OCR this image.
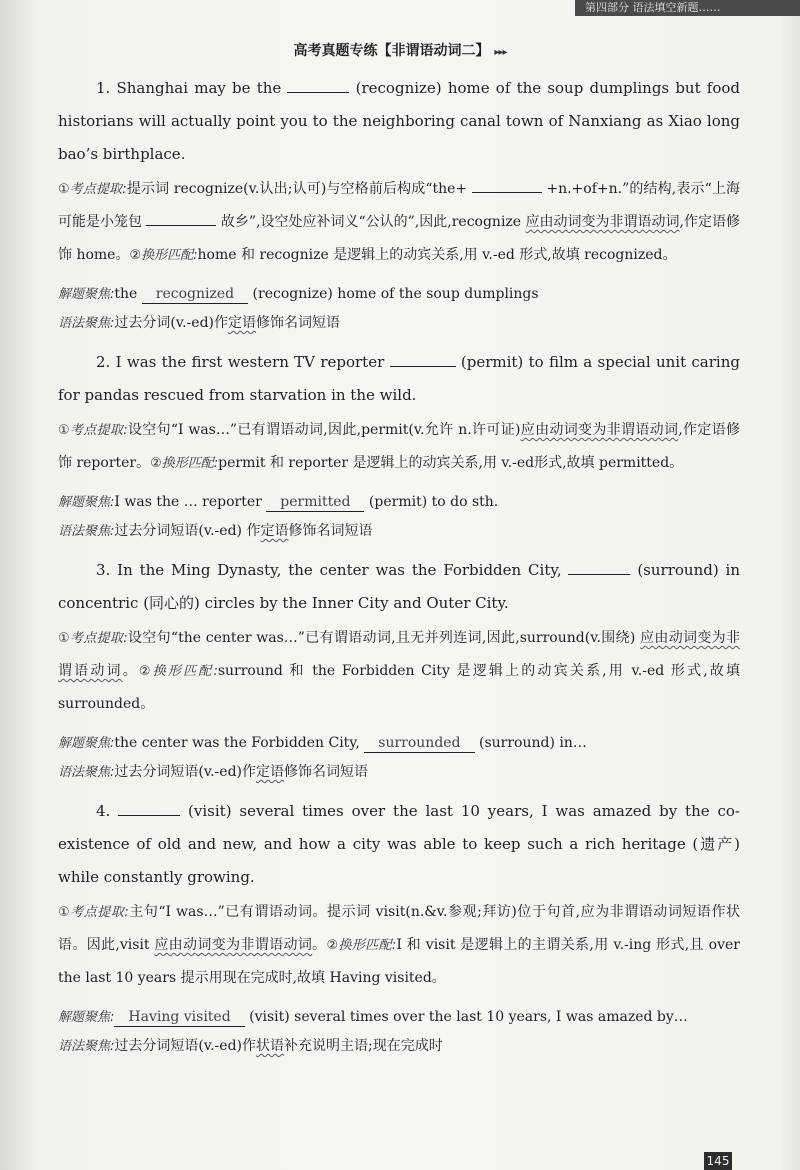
第四部分 语法填空新题……
高考真题专练【非谓语动词二】 ▸▸▸

1. Shanghai may be the	(recognize) home of the soup dumplings but food historians will actually point you to the neighboring canal town of Nanxiang as Xiao long bao’s birthplace.

①考点提取:提示词 recognize(v.认出;认可)与空格前后构成“the+	+n.+of+n.”的结构,表示“上海可能是小笼包	故乡”,设空处应补词义“公认的”,因此,recognize 应由动词变为非谓语动词,作定语修饰 home。②换形匹配:home 和 recognize 是逻辑上的动宾关系,用 v.-ed 形式,故填 recognized。

解题聚焦:the recognized (recognize) home of the soup dumplings

语法聚焦:过去分词(v.-ed)作定语修饰名词短语

2. I was the first western TV reporter	(permit) to film a special unit caring for pandas rescued from starvation in the wild.

①考点提取:设空句“I was…”已有谓语动词,因此,permit(v.允许 n.许可证)应由动词变为非谓语动词,作定语修饰 reporter。②换形匹配:permit 和 reporter 是逻辑上的动宾关系,用 v.-ed形式,故填 permitted。

解题聚焦:I was the … reporter permitted (permit) to do sth.

语法聚焦:过去分词短语(v.-ed) 作定语修饰名词短语

3. In the Ming Dynasty, the center was the Forbidden City,	(surround) in concentric (同心的) circles by the Inner City and Outer City.

①考点提取:设空句“the center was…”已有谓语动词,且无并列连词,因此,surround(v.围绕) 应由动词变为非谓语动词。②换形匹配:surround 和 the Forbidden City 是逻辑上的动宾关系,用 v.-ed 形式,故填 surrounded。

解题聚焦:the center was the Forbidden City, surrounded (surround) in…

语法聚焦:过去分词短语(v.-ed)作定语修饰名词短语

4.	(visit) several times over the last 10 years, I was amazed by the co-existence of old and new, and how a city was able to keep such a rich heritage (遗产) while constantly growing.

①考点提取:主句“I was…”已有谓语动词。提示词 visit(n.&v.参观;拜访)位于句首,应为非谓语动词短语作状语。因此,visit 应由动词变为非谓语动词。②换形匹配:I 和 visit 是逻辑上的主谓关系,用 v.-ing 形式,且 over the last 10 years 提示用现在完成时,故填 Having visited。

解题聚焦: Having visited (visit) several times over the last 10 years, I was amazed by…

语法聚焦:过去分词短语(v.-ed)作状语补充说明主语;现在完成时

145
